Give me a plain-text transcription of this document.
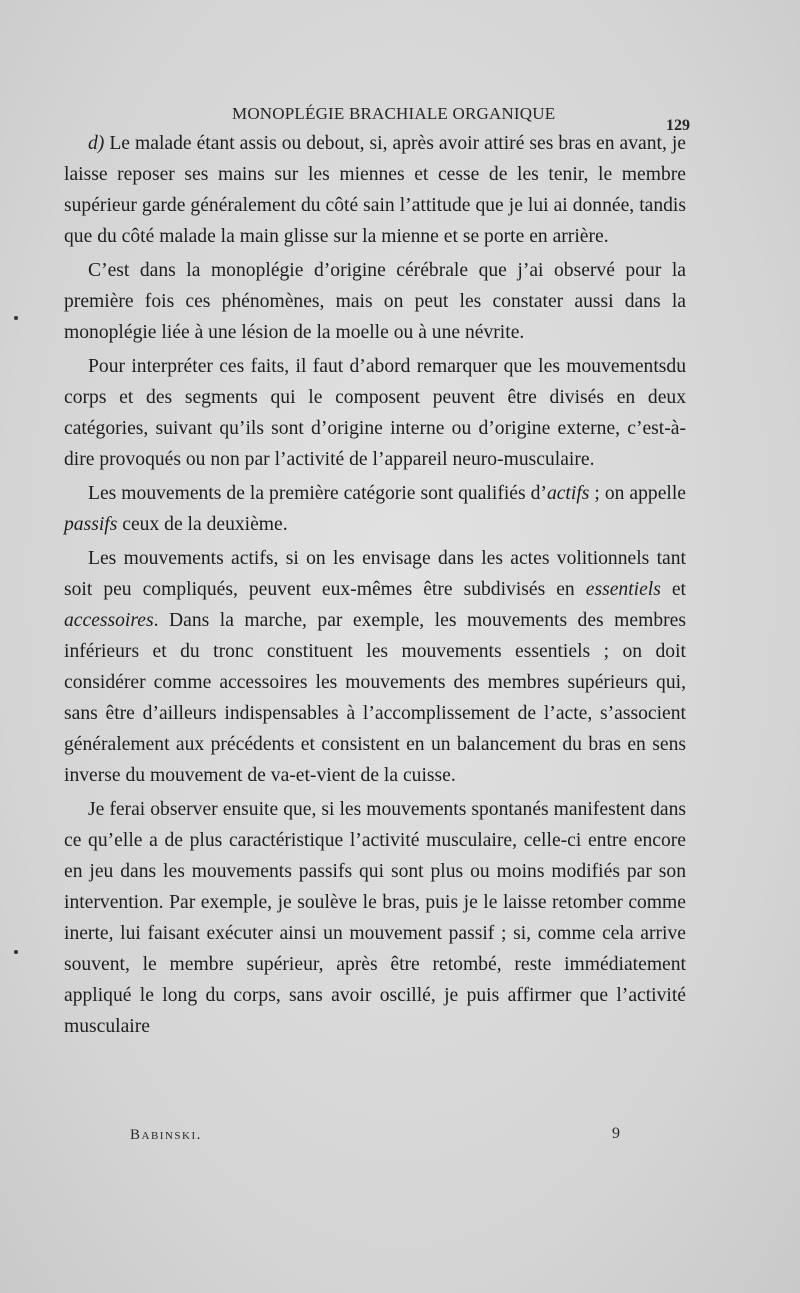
MONOPLÉGIE BRACHIALE ORGANIQUE
129

d) Le malade étant assis ou debout, si, après avoir attiré ses bras en avant, je laisse reposer ses mains sur les miennes et cesse de les tenir, le membre supérieur garde généralement du côté sain l’attitude que je lui ai donnée, tandis que du côté malade la main glisse sur la mienne et se porte en arrière.

C’est dans la monoplégie d’origine cérébrale que j’ai observé pour la première fois ces phénomènes, mais on peut les constater aussi dans la monoplégie liée à une lésion de la moelle ou à une névrite.

Pour interpréter ces faits, il faut d’abord remarquer que les mouvementsdu corps et des segments qui le composent peuvent être divisés en deux catégories, suivant qu’ils sont d’origine interne ou d’origine externe, c’est-à-dire provoqués ou non par l’activité de l’appareil neuro-musculaire.

Les mouvements de la première catégorie sont qualifiés d’actifs ; on appelle passifs ceux de la deuxième.

Les mouvements actifs, si on les envisage dans les actes volitionnels tant soit peu compliqués, peuvent eux-mêmes être subdivisés en essentiels et accessoires. Dans la marche, par exemple, les mouvements des membres inférieurs et du tronc constituent les mouvements essentiels ; on doit considérer comme accessoires les mouvements des membres supérieurs qui, sans être d’ailleurs indispensables à l’accomplissement de l’acte, s’associent généralement aux précédents et consistent en un balancement du bras en sens inverse du mouvement de va-et-vient de la cuisse.

Je ferai observer ensuite que, si les mouvements spontanés manifestent dans ce qu’elle a de plus caractéristique l’activité musculaire, celle-ci entre encore en jeu dans les mouvements passifs qui sont plus ou moins modifiés par son intervention. Par exemple, je soulève le bras, puis je le laisse retomber comme inerte, lui faisant exécuter ainsi un mouvement passif ; si, comme cela arrive souvent, le membre supérieur, après être retombé, reste immédiatement appliqué le long du corps, sans avoir oscillé, je puis affirmer que l’activité musculaire

Babinski.	9
